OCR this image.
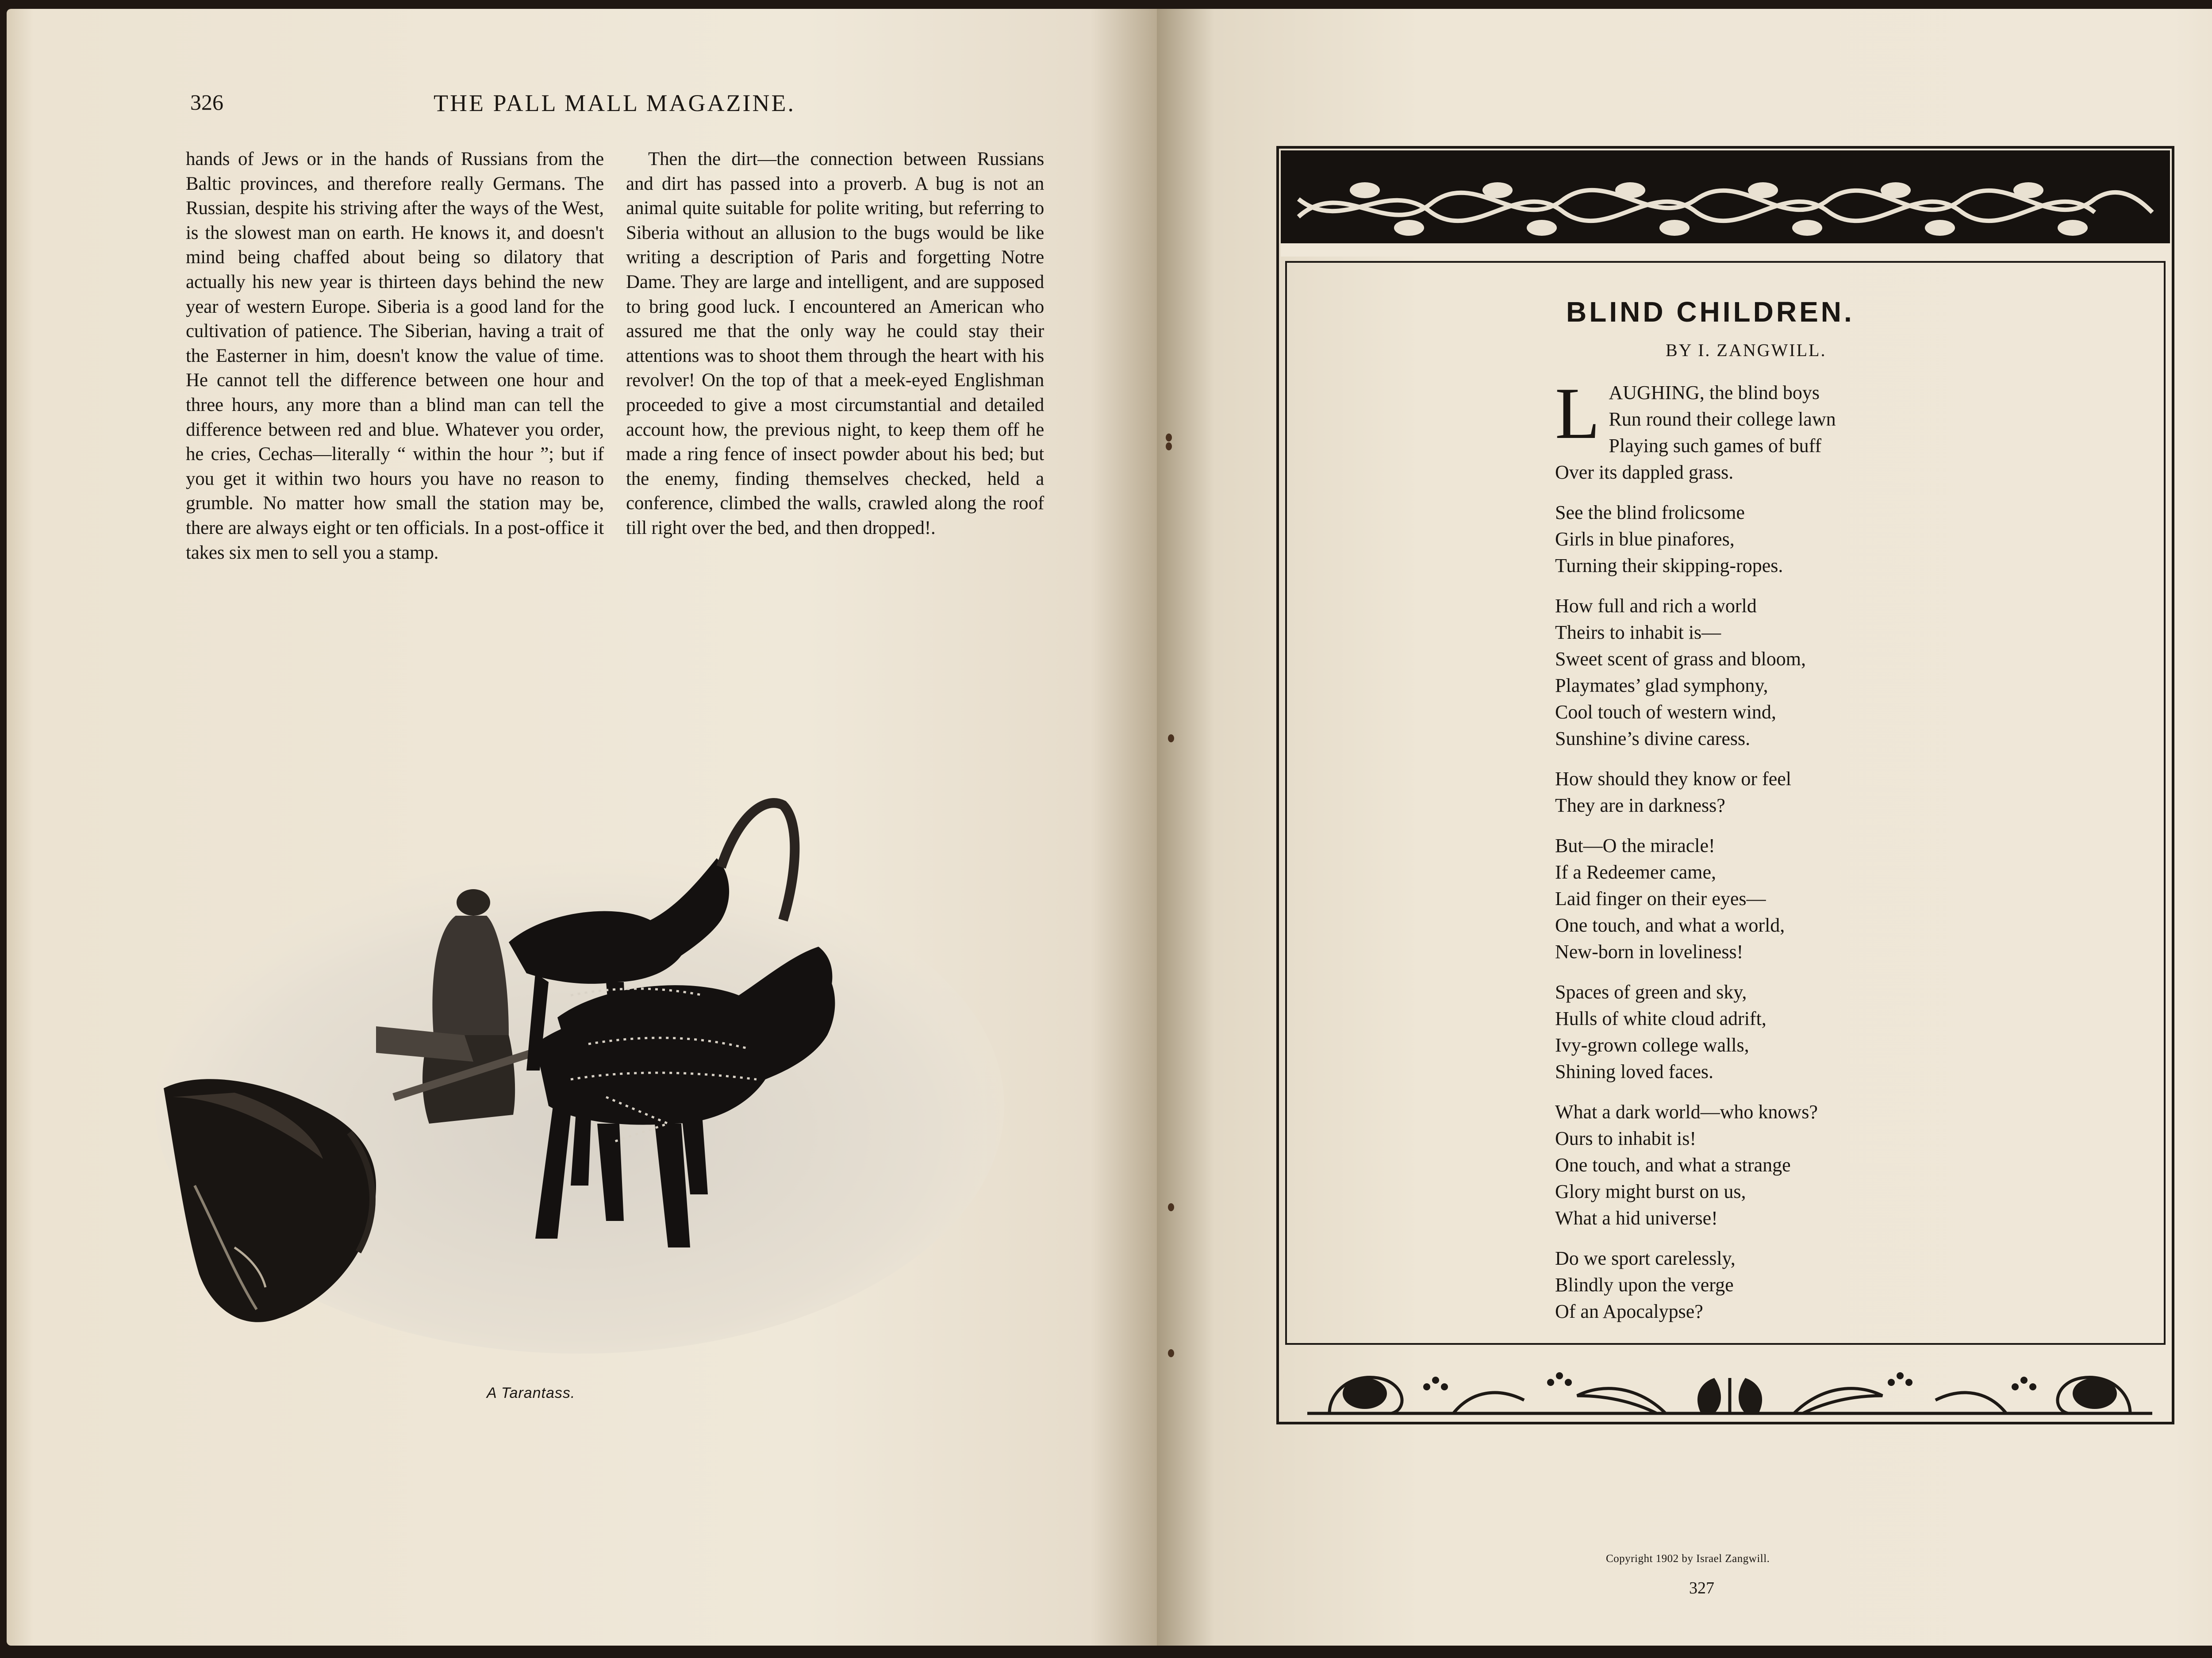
326	THE PALL MALL MAGAZINE.

hands of Jews or in the hands of Russians from the Baltic provinces, and therefore really Germans. The Russian, despite his striving after the ways of the West, is the slowest man on earth. He knows it, and doesn't mind being chaffed about being so dilatory that actually his new year is thirteen days behind the new year of western Europe. Siberia is a good land for the cultivation of patience. The Siberian, having a trait of the Easterner in him, doesn't know the value of time. He cannot tell the difference between one hour and three hours, any more than a blind man can tell the difference between red and blue. Whatever you order, he cries, Cechas—literally “ within the hour ”; but if you get it within two hours you have no reason to grumble. No matter how small the station may be, there are always eight or ten officials. In a post-office it takes six men to sell you a stamp.

Then the dirt—the connection between Russians and dirt has passed into a proverb. A bug is not an animal quite suitable for polite writing, but referring to Siberia without an allusion to the bugs would be like writing a description of Paris and forgetting Notre Dame. They are large and intelligent, and are supposed to bring good luck. I encountered an American who assured me that the only way he could stay their attentions was to shoot them through the heart with his revolver! On the top of that a meek-eyed Englishman proceeded to give a most circumstantial and detailed account how, the previous night, to keep them off he made a ring fence of insect powder about his bed; but the enemy, finding themselves checked, held a conference, climbed the walls, crawled along the roof till right over the bed, and then dropped!.

A Tarantass.
BLIND CHILDREN.
BY I. ZANGWILL.
L AUGHING, the blind boys
Run round their college lawn
Playing such games of buff
Over its dappled grass.
See the blind frolicsome
Girls in blue pinafores,
Turning their skipping-ropes.
How full and rich a world
Theirs to inhabit is—
Sweet scent of grass and bloom,
Playmates’ glad symphony,
Cool touch of western wind,
Sunshine’s divine caress.
How should they know or feel
They are in darkness?
But—O the miracle!
If a Redeemer came,
Laid finger on their eyes—
One touch, and what a world,
New-born in loveliness!
Spaces of green and sky,
Hulls of white cloud adrift,
Ivy-grown college walls,
Shining loved faces.
What a dark world—who knows?
Ours to inhabit is!
One touch, and what a strange
Glory might burst on us,
What a hid universe!
Do we sport carelessly,
Blindly upon the verge
Of an Apocalypse?
Copyright 1902 by Israel Zangwill.
327
